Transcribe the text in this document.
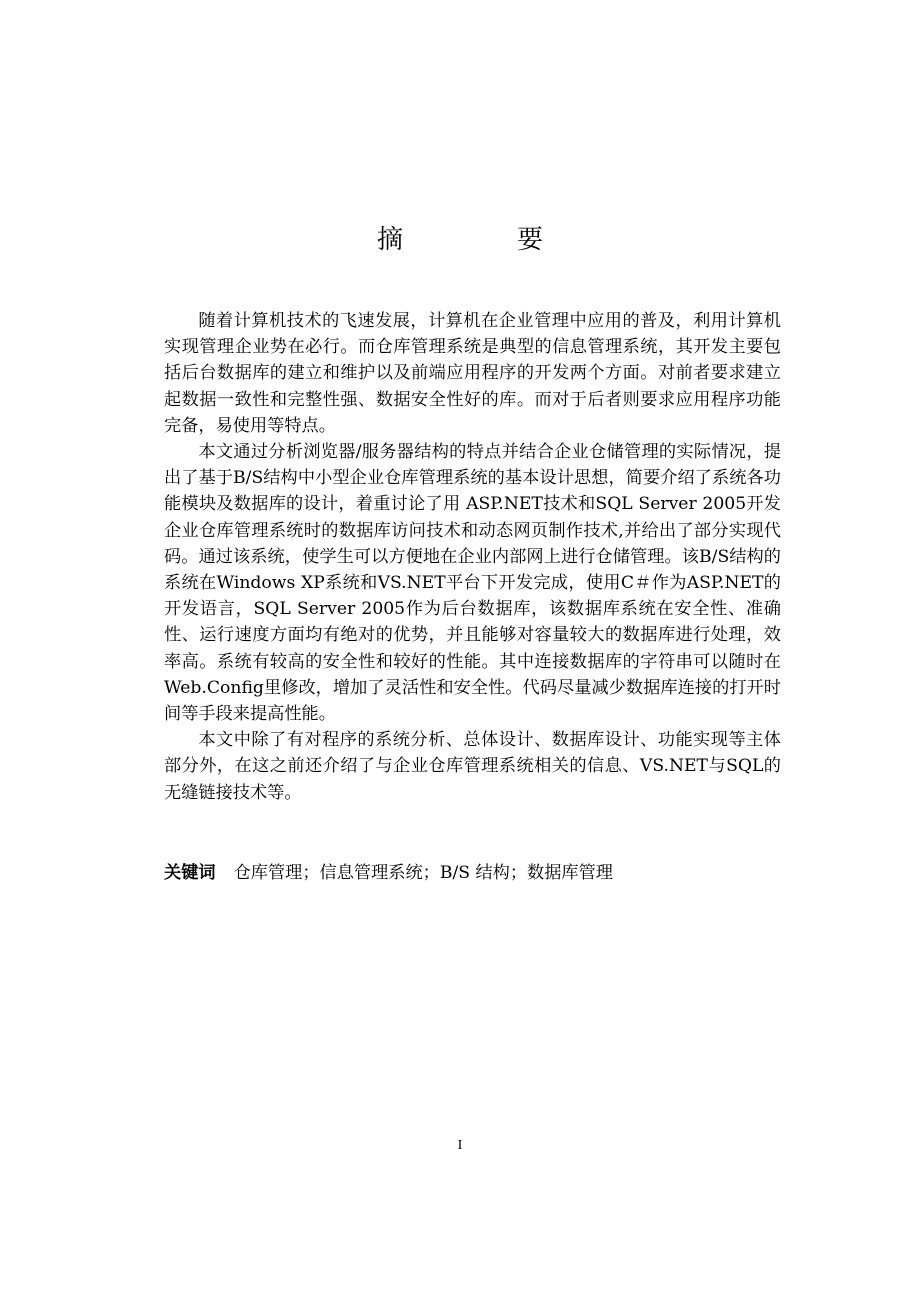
摘　要

随着计算机技术的飞速发展，计算机在企业管理中应用的普及，利用计算机实现管理企业势在必行。而仓库管理系统是典型的信息管理系统，其开发主要包括后台数据库的建立和维护以及前端应用程序的开发两个方面。对前者要求建立起数据一致性和完整性强、数据安全性好的库。而对于后者则要求应用程序功能完备，易使用等特点。

本文通过分析浏览器/服务器结构的特点并结合企业仓储管理的实际情况，提出了基于B/S结构中小型企业仓库管理系统的基本设计思想，简要介绍了系统各功能模块及数据库的设计，着重讨论了用 ASP.NET技术和SQL Server 2005开发企业仓库管理系统时的数据库访问技术和动态网页制作技术,并给出了部分实现代码。通过该系统，使学生可以方便地在企业内部网上进行仓储管理。该B/S结构的系统在Windows XP系统和VS.NET平台下开发完成，使用C＃作为ASP.NET的开发语言，SQL Server 2005作为后台数据库，该数据库系统在安全性、准确性、运行速度方面均有绝对的优势，并且能够对容量较大的数据库进行处理，效率高。系统有较高的安全性和较好的性能。其中连接数据库的字符串可以随时在Web.Config里修改，增加了灵活性和安全性。代码尽量减少数据库连接的打开时间等手段来提高性能。

本文中除了有对程序的系统分析、总体设计、数据库设计、功能实现等主体部分外，在这之前还介绍了与企业仓库管理系统相关的信息、VS.NET与SQL的无缝链接技术等。

关键词 仓库管理；信息管理系统；B/S 结构；数据库管理
I
